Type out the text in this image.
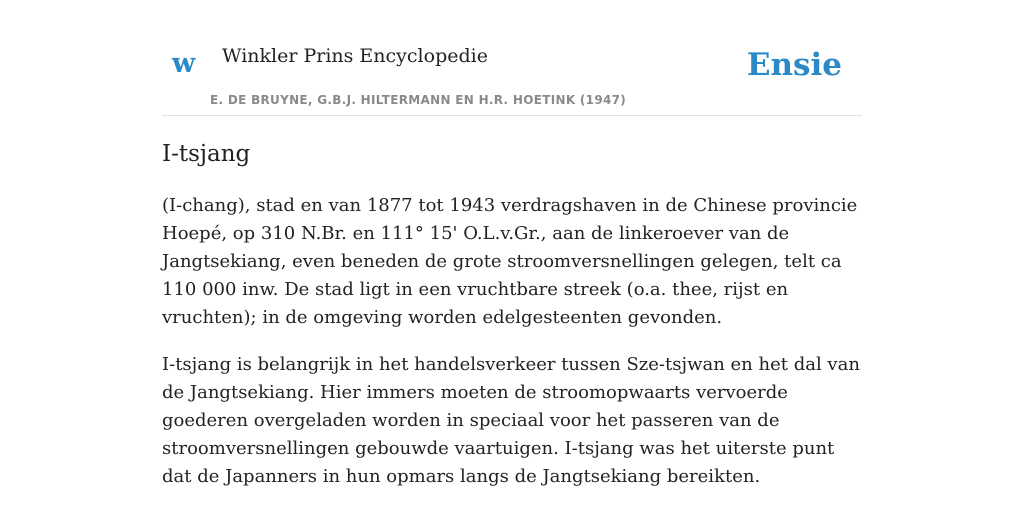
w Winkler Prins Encyclopedie	Ensie
E. DE BRUYNE, G.B.J. HILTERMANN EN H.R. HOETINK (1947)
I-tsjang

(I-chang), stad en van 1877 tot 1943 verdragshaven in de Chinese provincie Hoepé, op 310 N.Br. en 111° 15' O.L.v.Gr., aan de linkeroever van de Jangtsekiang, even beneden de grote stroomversnellingen gelegen, telt ca 110 000 inw. De stad ligt in een vruchtbare streek (o.a. thee, rijst en vruchten); in de omgeving worden edelgesteenten gevonden.

I-tsjang is belangrijk in het handelsverkeer tussen Sze-tsjwan en het dal van de Jangtsekiang. Hier immers moeten de stroomopwaarts vervoerde goederen overgeladen worden in speciaal voor het passeren van de stroomversnellingen gebouwde vaartuigen. I-tsjang was het uiterste punt dat de Japanners in hun opmars langs de Jangtsekiang bereikten.
